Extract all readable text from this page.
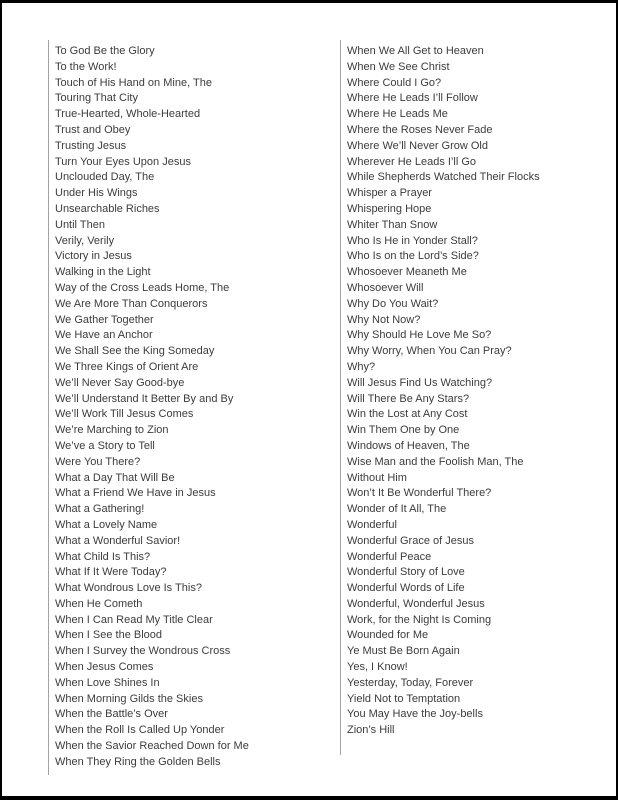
To God Be the Glory
To the Work!
Touch of His Hand on Mine, The
Touring That City
True-Hearted, Whole-Hearted
Trust and Obey
Trusting Jesus
Turn Your Eyes Upon Jesus
Unclouded Day, The
Under His Wings
Unsearchable Riches
Until Then
Verily, Verily
Victory in Jesus
Walking in the Light
Way of the Cross Leads Home, The
We Are More Than Conquerors
We Gather Together
We Have an Anchor
We Shall See the King Someday
We Three Kings of Orient Are
We’ll Never Say Good-bye
We’ll Understand It Better By and By
We’ll Work Till Jesus Comes
We’re Marching to Zion
We’ve a Story to Tell
Were You There?
What a Day That Will Be
What a Friend We Have in Jesus
What a Gathering!
What a Lovely Name
What a Wonderful Savior!
What Child Is This?
What If It Were Today?
What Wondrous Love Is This?
When He Cometh
When I Can Read My Title Clear
When I See the Blood
When I Survey the Wondrous Cross
When Jesus Comes
When Love Shines In
When Morning Gilds the Skies
When the Battle’s Over
When the Roll Is Called Up Yonder
When the Savior Reached Down for Me
When They Ring the Golden Bells
When We All Get to Heaven
When We See Christ
Where Could I Go?
Where He Leads I’ll Follow
Where He Leads Me
Where the Roses Never Fade
Where We’ll Never Grow Old
Wherever He Leads I’ll Go
While Shepherds Watched Their Flocks
Whisper a Prayer
Whispering Hope
Whiter Than Snow
Who Is He in Yonder Stall?
Who Is on the Lord’s Side?
Whosoever Meaneth Me
Whosoever Will
Why Do You Wait?
Why Not Now?
Why Should He Love Me So?
Why Worry, When You Can Pray?
Why?
Will Jesus Find Us Watching?
Will There Be Any Stars?
Win the Lost at Any Cost
Win Them One by One
Windows of Heaven, The
Wise Man and the Foolish Man, The
Without Him
Won’t It Be Wonderful There?
Wonder of It All, The
Wonderful
Wonderful Grace of Jesus
Wonderful Peace
Wonderful Story of Love
Wonderful Words of Life
Wonderful, Wonderful Jesus
Work, for the Night Is Coming
Wounded for Me
Ye Must Be Born Again
Yes, I Know!
Yesterday, Today, Forever
Yield Not to Temptation
You May Have the Joy-bells
Zion’s Hill
